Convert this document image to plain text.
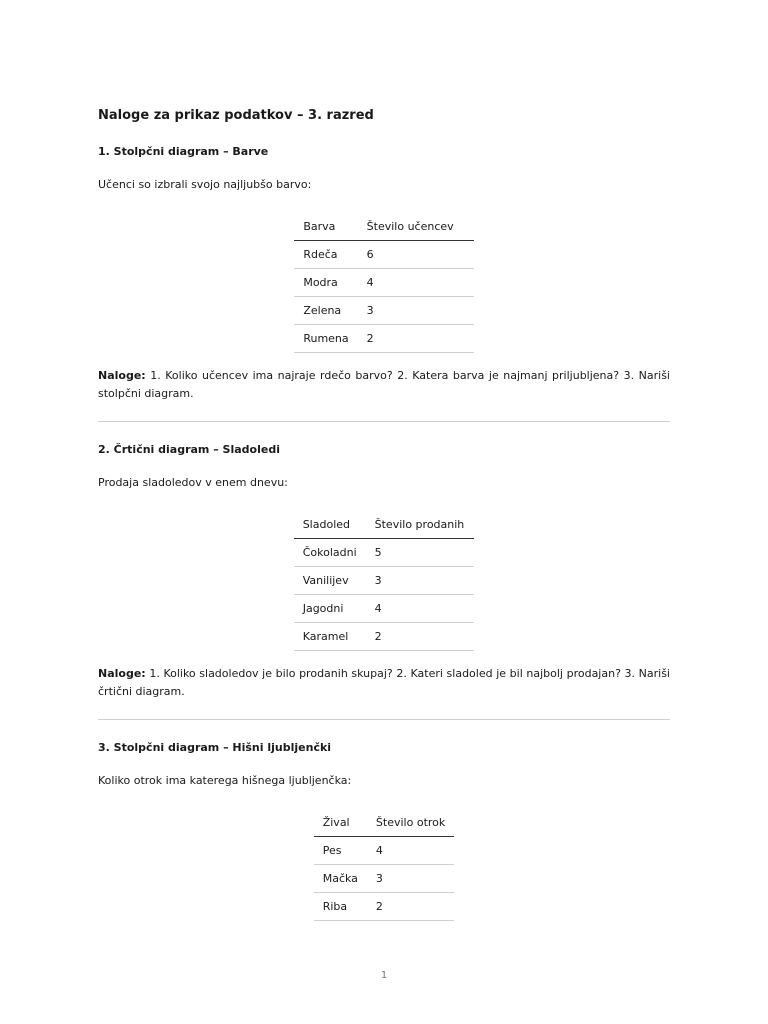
Naloge za prikaz podatkov – 3. razred
1. Stolpčni diagram – Barve

Učenci so izbrali svojo najljubšo barvo:

Barva	Število učencev
Rdeča	6
Modra	4
Zelena	3
Rumena	2

Naloge: 1. Koliko učencev ima najraje rdečo barvo? 2. Katera barva je najmanj priljubljena? 3. Nariši stolpčni diagram.

2. Črtični diagram – Sladoledi

Prodaja sladoledov v enem dnevu:

Sladoled	Število prodanih
Čokoladni	5
Vanilijev	3
Jagodni	4
Karamel	2

Naloge: 1. Koliko sladoledov je bilo prodanih skupaj? 2. Kateri sladoled je bil najbolj prodajan? 3. Nariši črtični diagram.

3. Stolpčni diagram – Hišni ljubljenčki

Koliko otrok ima katerega hišnega ljubljenčka:

Žival	Število otrok
Pes	4
Mačka	3
Riba	2
1
